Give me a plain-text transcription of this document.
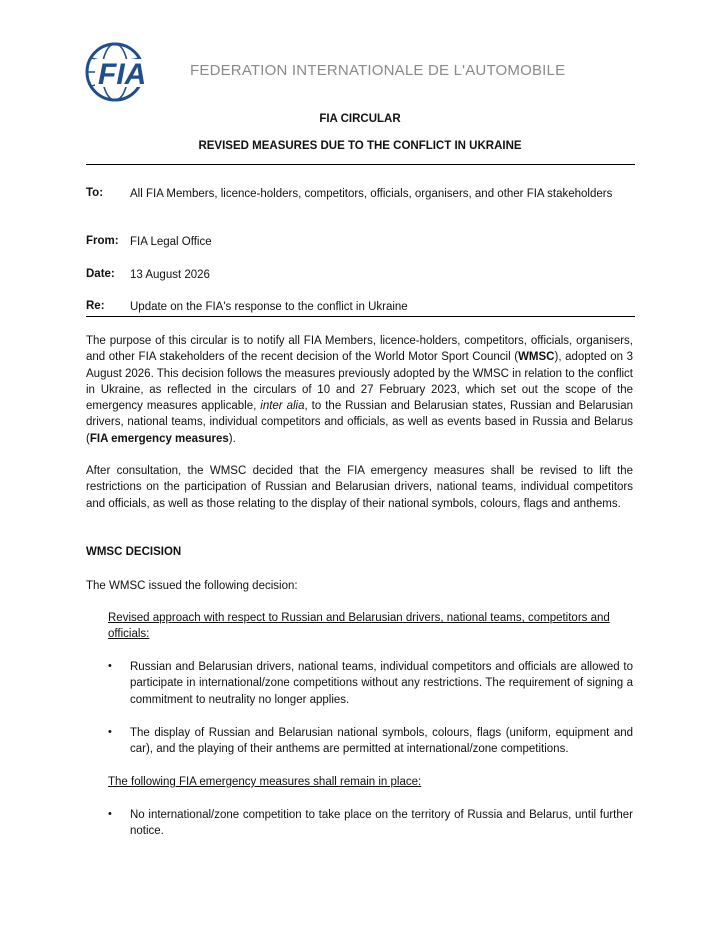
FIA	FEDERATION INTERNATIONALE DE L'AUTOMOBILE
FIA CIRCULAR
REVISED MEASURES DUE TO THE CONFLICT IN UKRAINE
To: All FIA Members, licence-holders, competitors, officials, organisers, and other FIA stakeholders
From: FIA Legal Office
Date: 13 August 2026
Re: Update on the FIA's response to the conflict in Ukraine
The purpose of this circular is to notify all FIA Members, licence-holders, competitors, officials, organisers, and other FIA stakeholders of the recent decision of the World Motor Sport Council (WMSC), adopted on 3 August 2026. This decision follows the measures previously adopted by the WMSC in relation to the conflict in Ukraine, as reflected in the circulars of 10 and 27 February 2023, which set out the scope of the emergency measures applicable, inter alia, to the Russian and Belarusian states, Russian and Belarusian drivers, national teams, individual competitors and officials, as well as events based in Russia and Belarus (FIA emergency measures).
After consultation, the WMSC decided that the FIA emergency measures shall be revised to lift the restrictions on the participation of Russian and Belarusian drivers, national teams, individual competitors and officials, as well as those relating to the display of their national symbols, colours, flags and anthems.
WMSC DECISION
The WMSC issued the following decision:
Revised approach with respect to Russian and Belarusian drivers, national teams, competitors and officials:
• Russian and Belarusian drivers, national teams, individual competitors and officials are allowed to participate in international/zone competitions without any restrictions. The requirement of signing a commitment to neutrality no longer applies.
• The display of Russian and Belarusian national symbols, colours, flags (uniform, equipment and car), and the playing of their anthems are permitted at international/zone competitions.
The following FIA emergency measures shall remain in place:
• No international/zone competition to take place on the territory of Russia and Belarus, until further notice.
